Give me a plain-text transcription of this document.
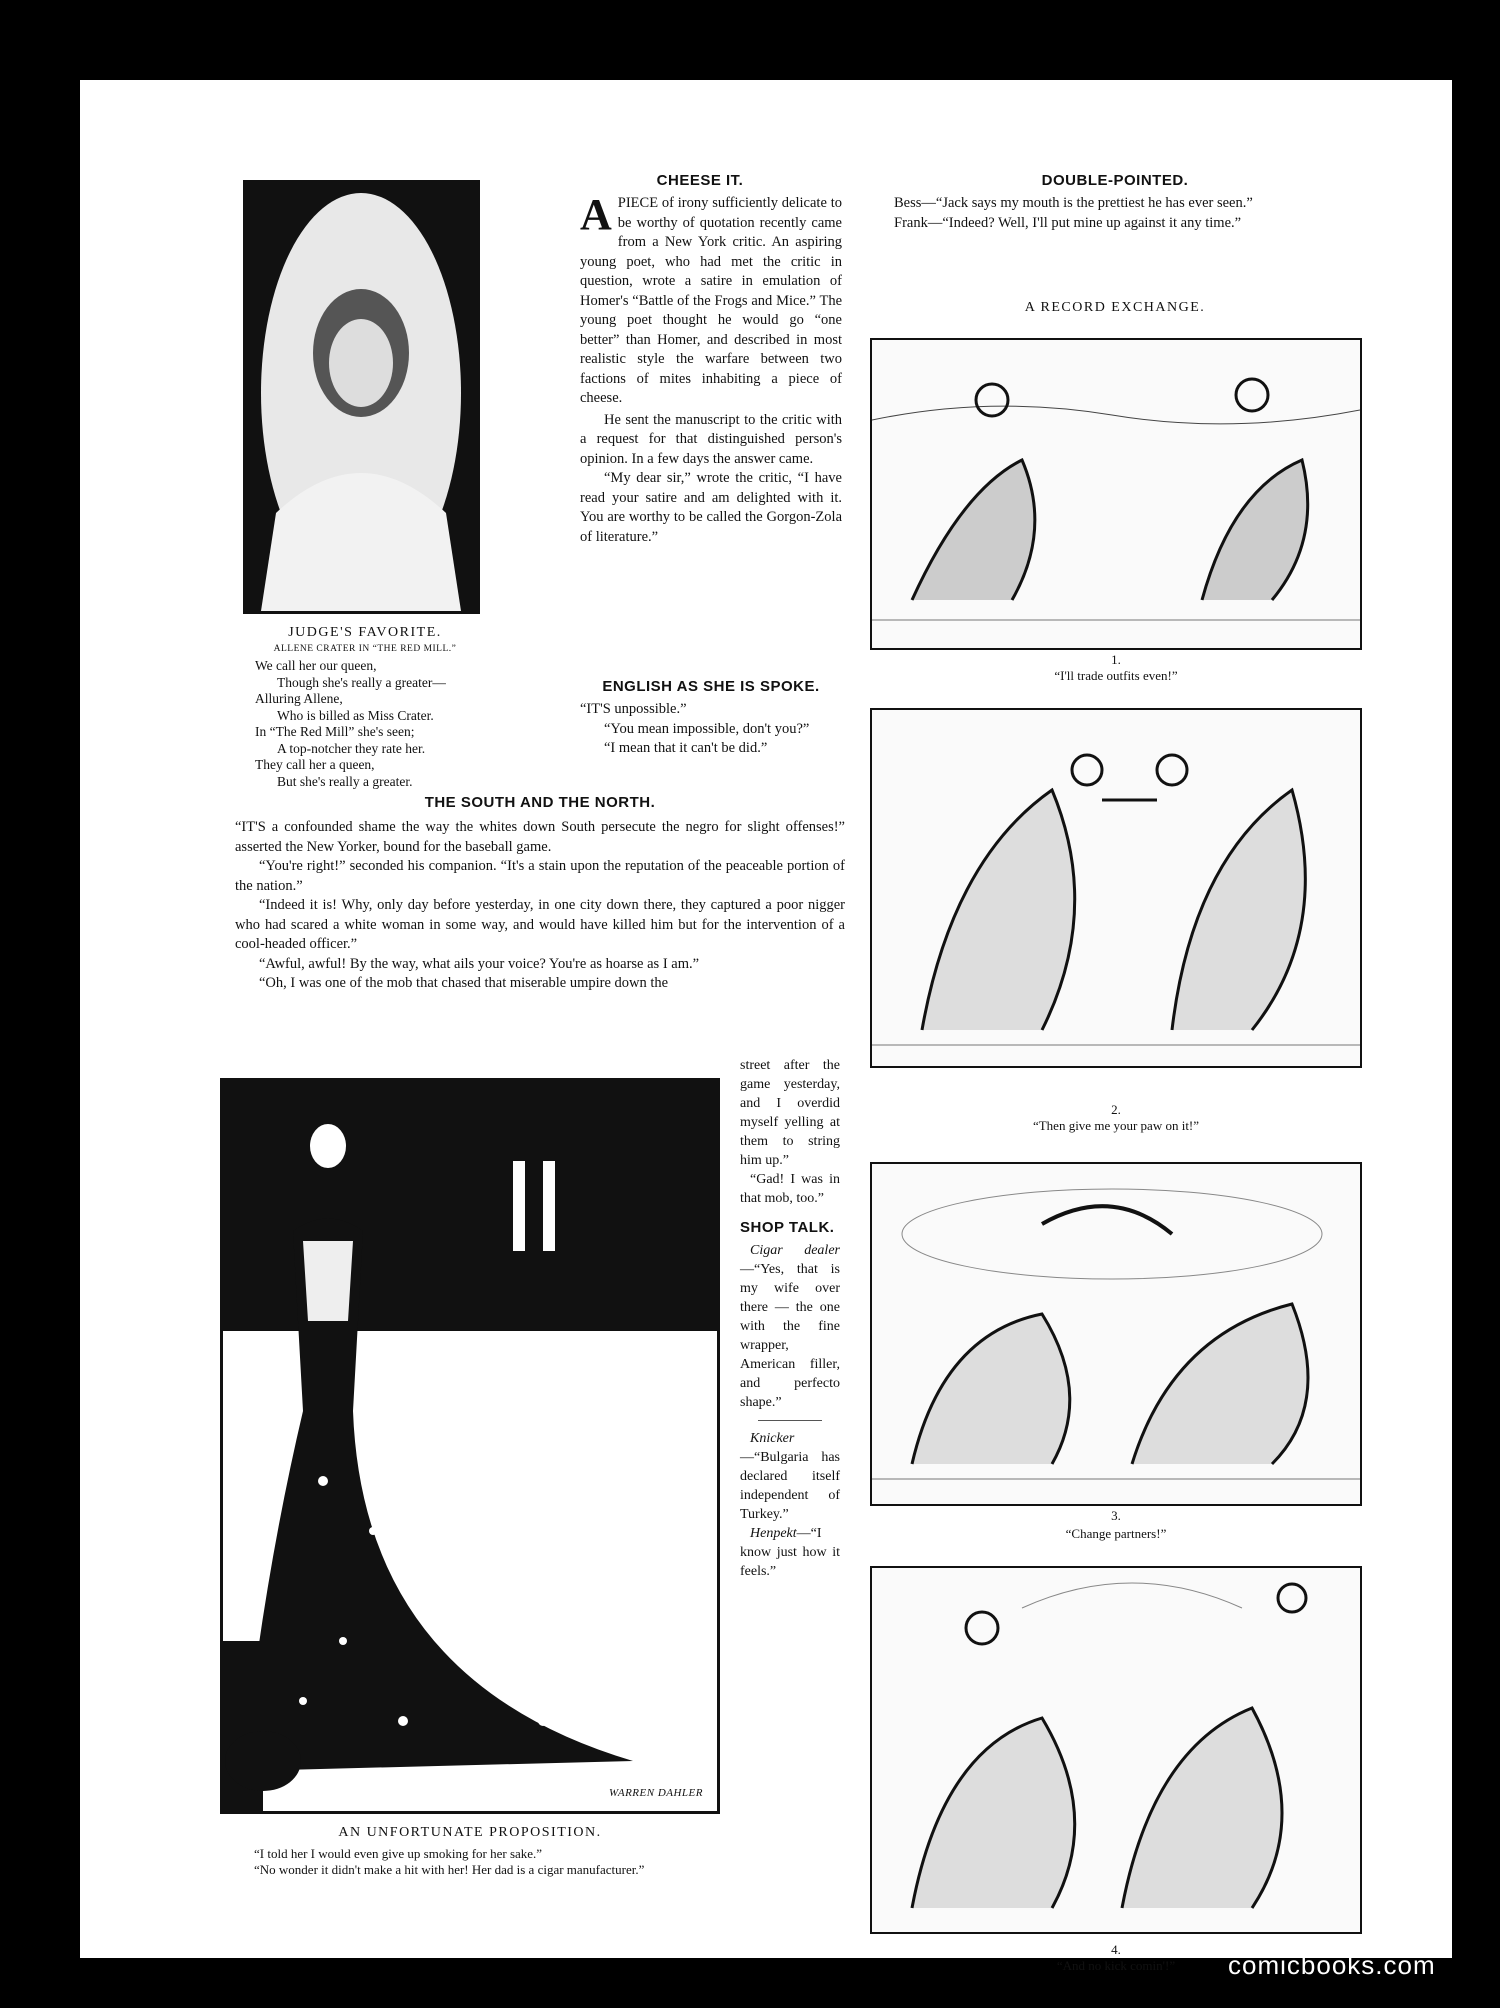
JUDGE'S FAVORITE.
ALLENE CRATER IN “THE RED MILL.”
We call her our queen,
Though she's really a greater—
Alluring Allene,
Who is billed as Miss Crater.
In “The Red Mill” she's seen;
A top-notcher they rate her.
They call her a queen,
But she's really a greater.
CHEESE IT.

APIECE of irony sufficiently delicate to be worthy of quotation recently came from a New York critic. An aspiring young poet, who had met the critic in question, wrote a satire in emulation of Homer's “Battle of the Frogs and Mice.” The young poet thought he would go “one better” than Homer, and described in most realistic style the warfare between two factions of mites inhabiting a piece of cheese.

He sent the manuscript to the critic with a request for that distinguished person's opinion. In a few days the answer came.

“My dear sir,” wrote the critic, “I have read your satire and am delighted with it. You are worthy to be called the Gorgon-Zola of literature.”

ENGLISH AS SHE IS SPOKE.

“IT'S unpossible.”

“You mean impossible, don't you?”

“I mean that it can't be did.”

DOUBLE-POINTED.

Bess—“Jack says my mouth is the prettiest he has ever seen.”

Frank—“Indeed? Well, I'll put mine up against it any time.”

A RECORD EXCHANGE.
1.
“I'll trade outfits even!”
2.
“Then give me your paw on it!”
3.
“Change partners!”
4.
“And no kick comin'!”
THE SOUTH AND THE NORTH.

“IT'S a confounded shame the way the whites down South persecute the negro for slight offenses!” asserted the New Yorker, bound for the baseball game.

“You're right!” seconded his companion. “It's a stain upon the reputation of the peaceable portion of the nation.”

“Indeed it is! Why, only day before yesterday, in one city down there, they captured a poor nigger who had scared a white woman in some way, and would have killed him but for the intervention of a cool-headed officer.”

“Awful, awful! By the way, what ails your voice? You're as hoarse as I am.”

“Oh, I was one of the mob that chased that miserable umpire down the

street after the game yesterday, and I overdid myself yelling at them to string him up.”

“Gad! I was in that mob, too.”

SHOP TALK.

Cigar dealer—“Yes, that is my wife over there — the one with the fine wrapper, American filler, and perfecto shape.”

Knicker—“Bulgaria has declared itself independent of Turkey.”

Henpekt—“I know just how it feels.”

WARREN DAHLER
AN UNFORTUNATE PROPOSITION.
“I told her I would even give up smoking for her sake.”
“No wonder it didn't make a hit with her! Her dad is a cigar manufacturer.”
comicbooks.com
